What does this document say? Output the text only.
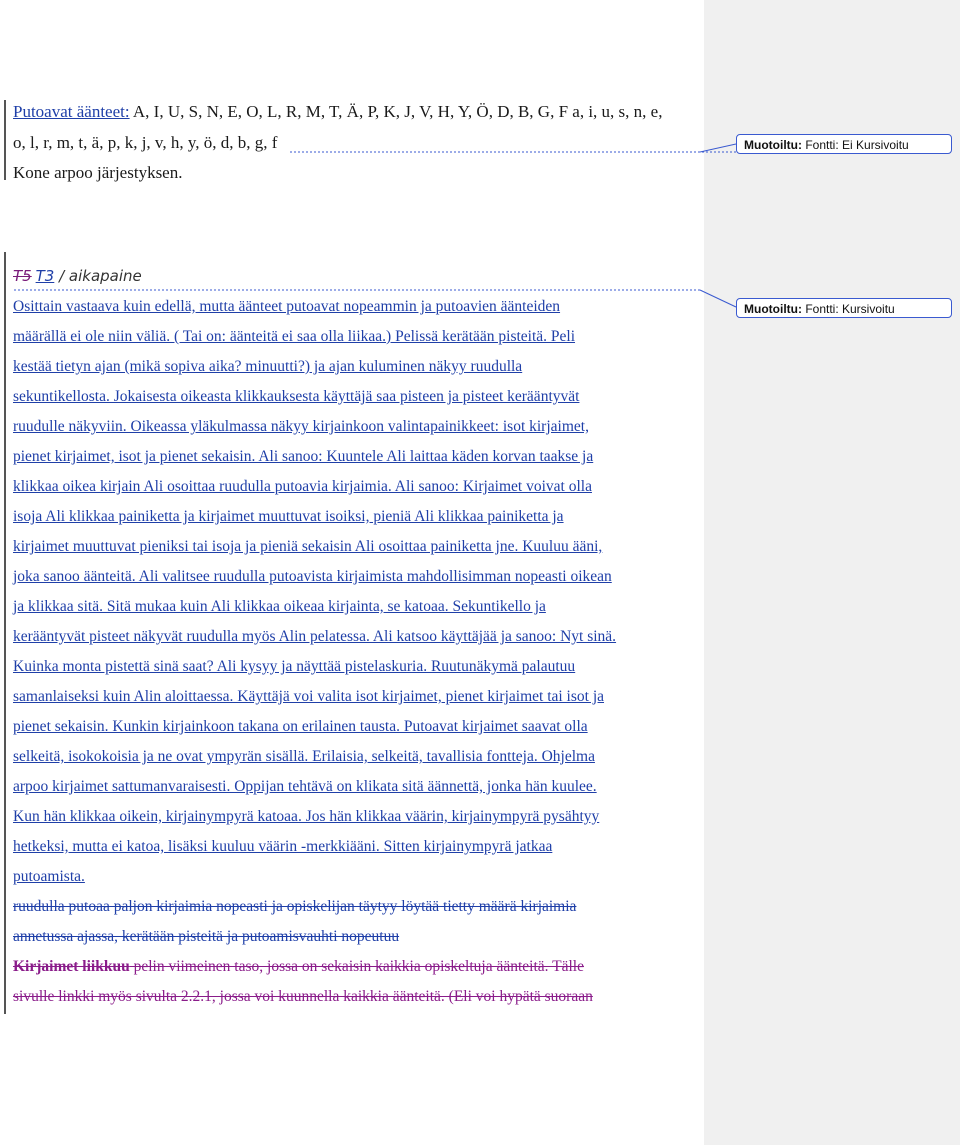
Muotoiltu: Fontti: Ei Kursivoitu
Muotoiltu: Fontti: Kursivoitu
Putoavat äänteet: A, I, U, S, N, E, O, L, R, M, T, Ä, P, K, J, V, H, Y, Ö, D, B, G, F a, i, u, s, n, e,
o, l, r, m, t, ä, p, k, j, v, h, y, ö, d, b, g, f
Kone arpoo järjestyksen.
T5 T3 / aikapaine
Osittain vastaava kuin edellä, mutta äänteet putoavat nopeammin ja putoavien äänteiden
määrällä ei ole niin väliä. ( Tai on: äänteitä ei saa olla liikaa.) Pelissä kerätään pisteitä. Peli
kestää tietyn ajan (mikä sopiva aika? minuutti?) ja ajan kuluminen näkyy ruudulla
sekuntikellosta. Jokaisesta oikeasta klikkauksesta käyttäjä saa pisteen ja pisteet kerääntyvät
ruudulle näkyviin. Oikeassa yläkulmassa näkyy kirjainkoon valintapainikkeet: isot kirjaimet,
pienet kirjaimet, isot ja pienet sekaisin. Ali sanoo: Kuuntele Ali laittaa käden korvan taakse ja
klikkaa oikea kirjain Ali osoittaa ruudulla putoavia kirjaimia. Ali sanoo: Kirjaimet voivat olla
isoja Ali klikkaa painiketta ja kirjaimet muuttuvat isoiksi, pieniä Ali klikkaa painiketta ja
kirjaimet muuttuvat pieniksi tai isoja ja pieniä sekaisin Ali osoittaa painiketta jne. Kuuluu ääni,
joka sanoo äänteitä. Ali valitsee ruudulla putoavista kirjaimista mahdollisimman nopeasti oikean
ja klikkaa sitä. Sitä mukaa kuin Ali klikkaa oikeaa kirjainta, se katoaa. Sekuntikello ja
kerääntyvät pisteet näkyvät ruudulla myös Alin pelatessa. Ali katsoo käyttäjää ja sanoo: Nyt sinä.
Kuinka monta pistettä sinä saat? Ali kysyy ja näyttää pistelaskuria. Ruutunäkymä palautuu
samanlaiseksi kuin Alin aloittaessa. Käyttäjä voi valita isot kirjaimet, pienet kirjaimet tai isot ja
pienet sekaisin. Kunkin kirjainkoon takana on erilainen tausta. Putoavat kirjaimet saavat olla
selkeitä, isokokoisia ja ne ovat ympyrän sisällä. Erilaisia, selkeitä, tavallisia fontteja. Ohjelma
arpoo kirjaimet sattumanvaraisesti. Oppijan tehtävä on klikata sitä äännettä, jonka hän kuulee.
Kun hän klikkaa oikein, kirjainympyrä katoaa. Jos hän klikkaa väärin, kirjainympyrä pysähtyy
hetkeksi, mutta ei katoa, lisäksi kuuluu väärin -merkkiääni. Sitten kirjainympyrä jatkaa
putoamista.
ruudulla putoaa paljon kirjaimia nopeasti ja opiskelijan täytyy löytää tietty määrä kirjaimia
annetussa ajassa, kerätään pisteitä ja putoamisvauhti nopeutuu
Kirjaimet liikkuu pelin viimeinen taso, jossa on sekaisin kaikkia opiskeltuja äänteitä. Tälle
sivulle linkki myös sivulta 2.2.1, jossa voi kuunnella kaikkia äänteitä. (Eli voi hypätä suoraan
